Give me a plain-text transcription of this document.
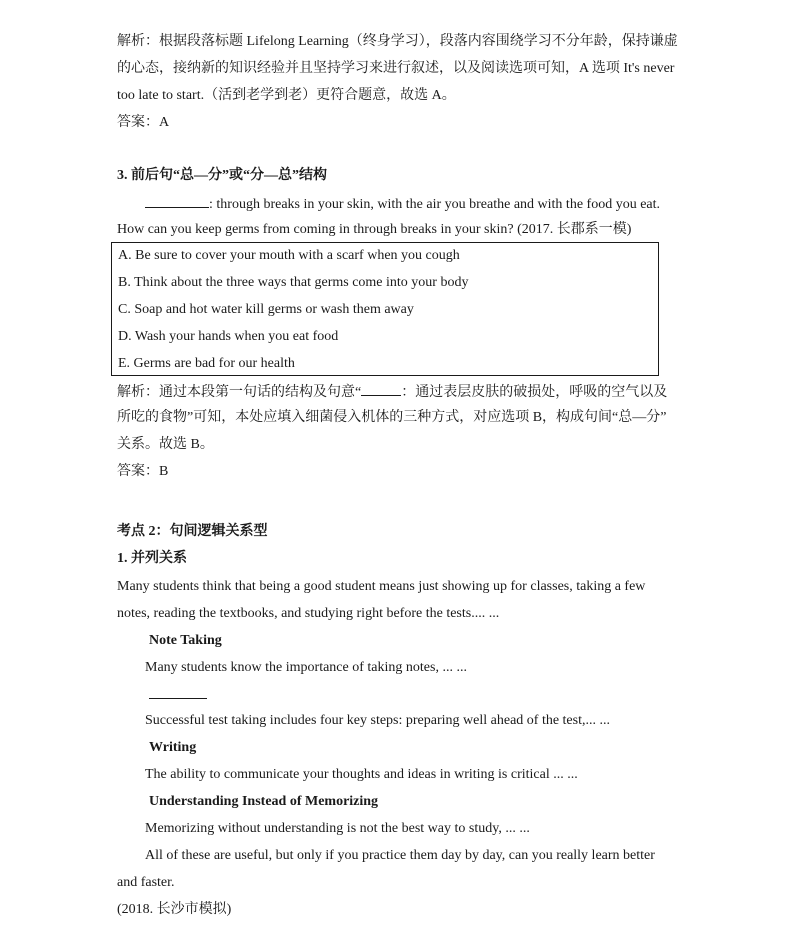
解析：根据段落标题 Lifelong Learning（终身学习），段落内容围绕学习不分年龄，保持谦虚
的心态，接纳新的知识经验并且坚持学习来进行叙述，以及阅读选项可知，A 选项 It's never
too late to start.（活到老学到老）更符合题意，故选 A。
答案：A
3. 前后句“总—分”或“分—总”结构
: through breaks in your skin, with the air you breathe and with the food you eat.
How can you keep germs from coming in through breaks in your skin? (2017. 长郡系一模)
A. Be sure to cover your mouth with a scarf when you cough
B. Think about the three ways that germs come into your body
C. Soap and hot water kill germs or wash them away
D. Wash your hands when you eat food
E. Germs are bad for our health
解析：通过本段第一句话的结构及句意“	：通过表层皮肤的破损处，呼吸的空气以及
所吃的食物”可知，本处应填入细菌侵入机体的三种方式，对应选项 B，构成句间“总—分”
关系。故选 B。
答案：B
考点 2：句间逻辑关系型
1. 并列关系
Many students think that being a good student means just showing up for classes, taking a few
notes, reading the textbooks, and studying right before the tests.... ...
Note Taking
Many students know the importance of taking notes, ... ...
Successful test taking includes four key steps: preparing well ahead of the test,... ...
Writing
The ability to communicate your thoughts and ideas in writing is critical ... ...
Understanding Instead of Memorizing
Memorizing without understanding is not the best way to study, ... ...
All of these are useful, but only if you practice them day by day, can you really learn better
and faster.
(2018. 长沙市模拟)
